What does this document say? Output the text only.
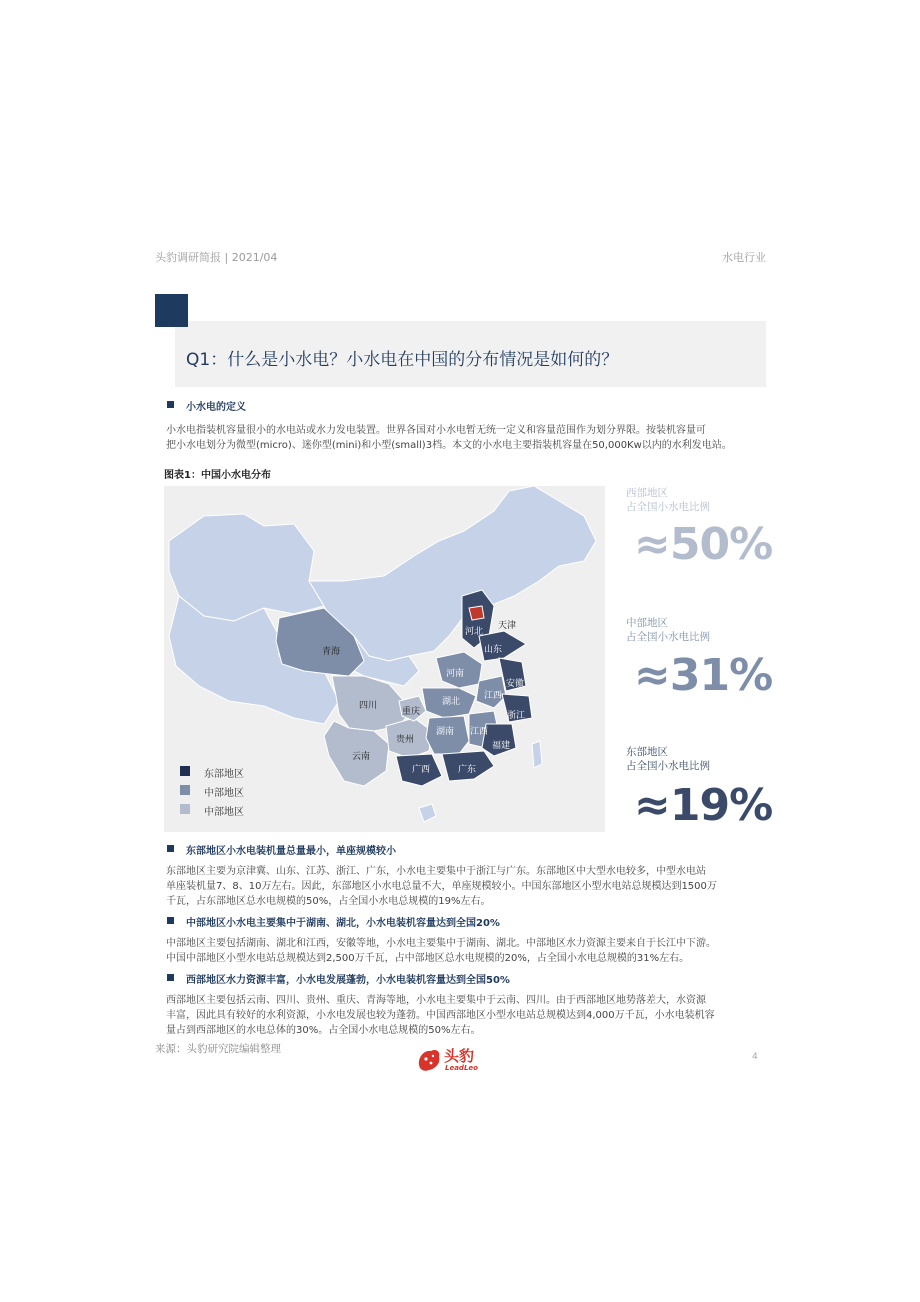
头豹调研简报 | 2021/04	水电行业
Q1：什么是小水电？小水电在中国的分布情况是如何的？
小水电的定义
小水电指装机容量很小的水电站或水力发电装置。世界各国对小水电暂无统一定义和容量范围作为划分界限。按装机容量可
把小水电划分为微型(micro)、迷你型(mini)和小型(small)3档。本文的小水电主要指装机容量在50,000Kw以内的水利发电站。
图表1：中国小水电分布
青海
四川
云南
贵州
重庆
河北
天津
山东
河南
湖北
江西
安徽
湖南 江西
浙江
福建
广西	广东
东部地区
中部地区
中部地区
西部地区
占全国小水电比例
≈50%
中部地区
占全国小水电比例
≈31%
东部地区
占全国小水电比例
≈19%
东部地区小水电装机量总量最小，单座规模较小
东部地区主要为京津冀、山东、江苏、浙江、广东，小水电主要集中于浙江与广东。东部地区中大型水电较多，中型水电站
单座装机量7、8、10万左右。因此，东部地区小水电总量不大，单座规模较小。中国东部地区小型水电站总规模达到1500万
千瓦，占东部地区总水电规模的50%，占全国小水电总规模的19%左右。
中部地区小水电主要集中于湖南、湖北，小水电装机容量达到全国20%
中部地区主要包括湖南、湖北和江西，安徽等地，小水电主要集中于湖南、湖北。中部地区水力资源主要来自于长江中下游。
中国中部地区小型水电站总规模达到2,500万千瓦，占中部地区总水电规模的20%，占全国小水电总规模的31%左右。
西部地区水力资源丰富，小水电发展蓬勃，小水电装机容量达到全国50%
西部地区主要包括云南、四川、贵州、重庆、青海等地，小水电主要集中于云南、四川。由于西部地区地势落差大，水资源
丰富，因此具有较好的水利资源，小水电发展也较为蓬勃。中国西部地区小型水电站总规模达到4,000万千瓦，小水电装机容
量占到西部地区的水电总体的30%。占全国小水电总规模的50%左右。
来源：头豹研究院编辑整理	头豹
LeadLeo
4
